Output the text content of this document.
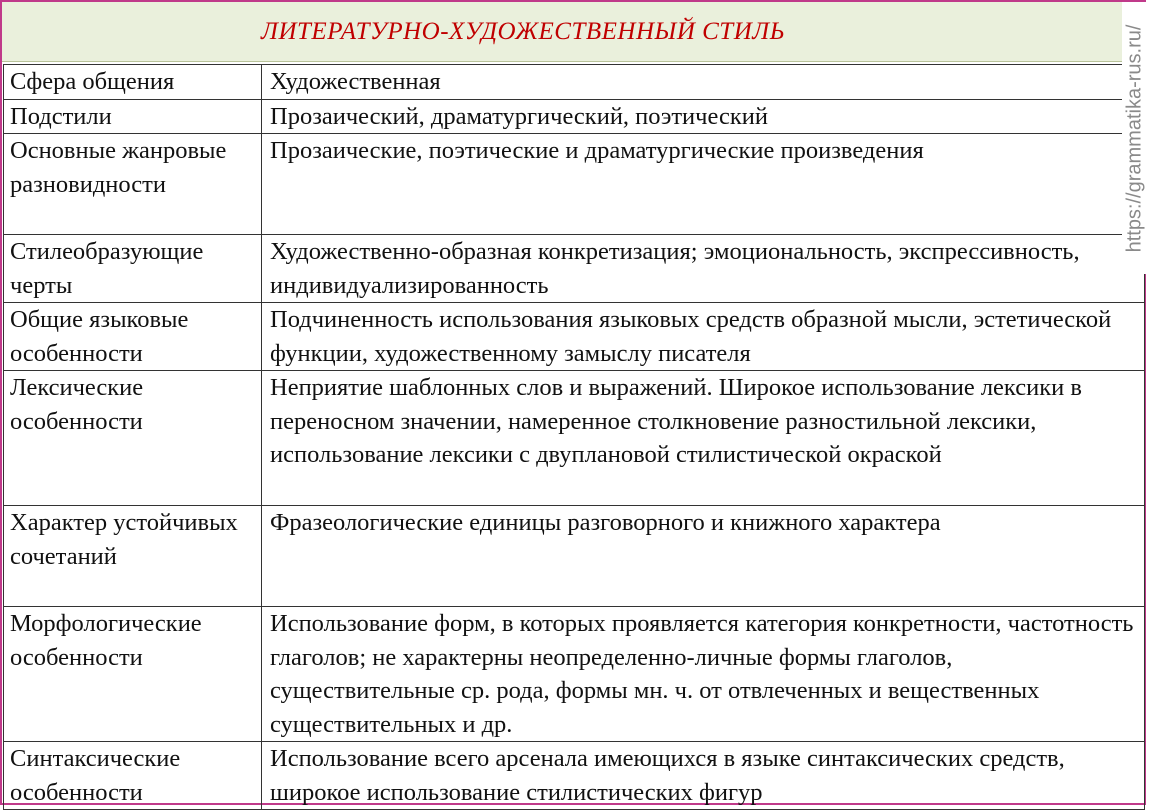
ЛИТЕРАТУРНО-ХУДОЖЕСТВЕННЫЙ СТИЛЬ
Сфера общения	Художественная
Подстили	Прозаический, драматургический, поэтический
Основные жанровые разновидности	Прозаические, поэтические и драматургические произведения
Стилеобразующие черты	Художественно-образная конкретизация; эмоциональность, экспрессивность, индивидуализированность
Общие языковые особенности	Подчиненность использования языковых средств образной мысли, эстетической функции, художественному замыслу писателя
Лексические особенности	Неприятие шаблонных слов и выражений. Широкое использование лексики в переносном значении, намеренное столкновение разностильной лексики, использование лексики с двуплановой стилистической окраской
Характер устойчивых сочетаний	Фразеологические единицы разговорного и книжного характера
Морфологические особенности	Использование форм, в которых проявляется категория конкретности, частотность глаголов; не характерны неопределенно-личные формы глаголов, существительные ср. рода, формы мн. ч. от отвлеченных и вещественных существительных и др.
Синтаксические особенности	Использование всего арсенала имеющихся в языке синтаксических средств, широкое использование стилистических фигур
https://grammatika-rus.ru/
